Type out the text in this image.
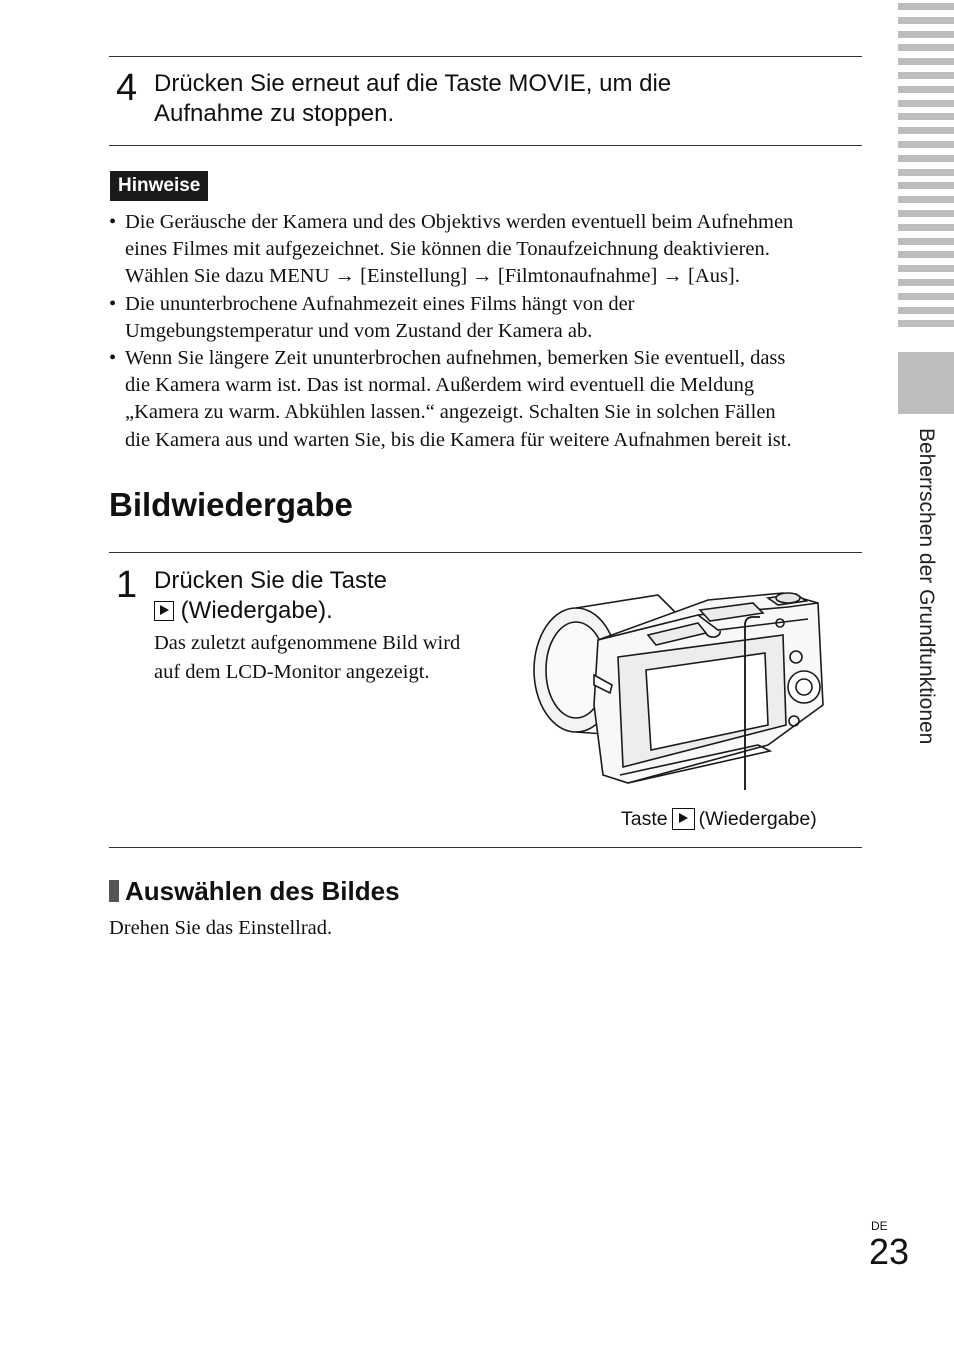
Beherrschen der Grundfunktionen
4 Drücken Sie erneut auf die Taste MOVIE, um die
Aufnahme zu stoppen.
Hinweise
• Die Geräusche der Kamera und des Objektivs werden eventuell beim Aufnehmen
eines Filmes mit aufgezeichnet. Sie können die Tonaufzeichnung deaktivieren.
Wählen Sie dazu MENU → [Einstellung] → [Filmtonaufnahme] → [Aus].
• Die ununterbrochene Aufnahmezeit eines Films hängt von der
Umgebungstemperatur und vom Zustand der Kamera ab.
• Wenn Sie längere Zeit ununterbrochen aufnehmen, bemerken Sie eventuell, dass
die Kamera warm ist. Das ist normal. Außerdem wird eventuell die Meldung
„Kamera zu warm. Abkühlen lassen.“ angezeigt. Schalten Sie in solchen Fällen
die Kamera aus und warten Sie, bis die Kamera für weitere Aufnahmen bereit ist.
Bildwiedergabe
1 Drücken Sie die Taste
(Wiedergabe).
Das zuletzt aufgenommene Bild wird
auf dem LCD-Monitor angezeigt.
Taste (Wiedergabe)
Auswählen des Bildes
Drehen Sie das Einstellrad.
DE
23
